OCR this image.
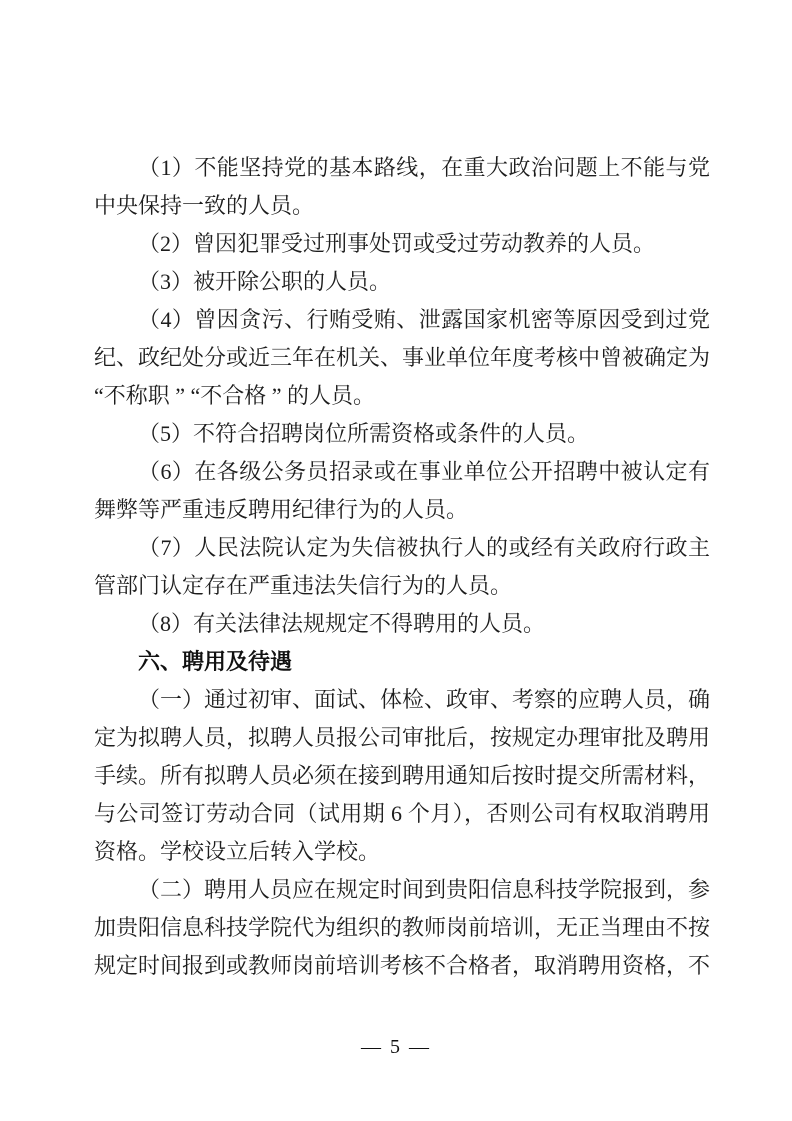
（1）不能坚持党的基本路线，在重大政治问题上不能与党
中央保持一致的人员。
（2）曾因犯罪受过刑事处罚或受过劳动教养的人员。
（3）被开除公职的人员。
（4）曾因贪污、行贿受贿、泄露国家机密等原因受到过党
纪、政纪处分或近三年在机关、事业单位年度考核中曾被确定为
“不称职 ” “不合格 ” 的人员。
（5）不符合招聘岗位所需资格或条件的人员。
（6）在各级公务员招录或在事业单位公开招聘中被认定有
舞弊等严重违反聘用纪律行为的人员。
（7）人民法院认定为失信被执行人的或经有关政府行政主
管部门认定存在严重违法失信行为的人员。
（8）有关法律法规规定不得聘用的人员。
六、聘用及待遇
（一）通过初审、面试、体检、政审、考察的应聘人员，确
定为拟聘人员，拟聘人员报公司审批后，按规定办理审批及聘用
手续。所有拟聘人员必须在接到聘用通知后按时提交所需材料，
与公司签订劳动合同（试用期 6 个月），否则公司有权取消聘用
资格。学校设立后转入学校。
（二）聘用人员应在规定时间到贵阳信息科技学院报到，参
加贵阳信息科技学院代为组织的教师岗前培训，无正当理由不按
规定时间报到或教师岗前培训考核不合格者，取消聘用资格，不
— 5 —
